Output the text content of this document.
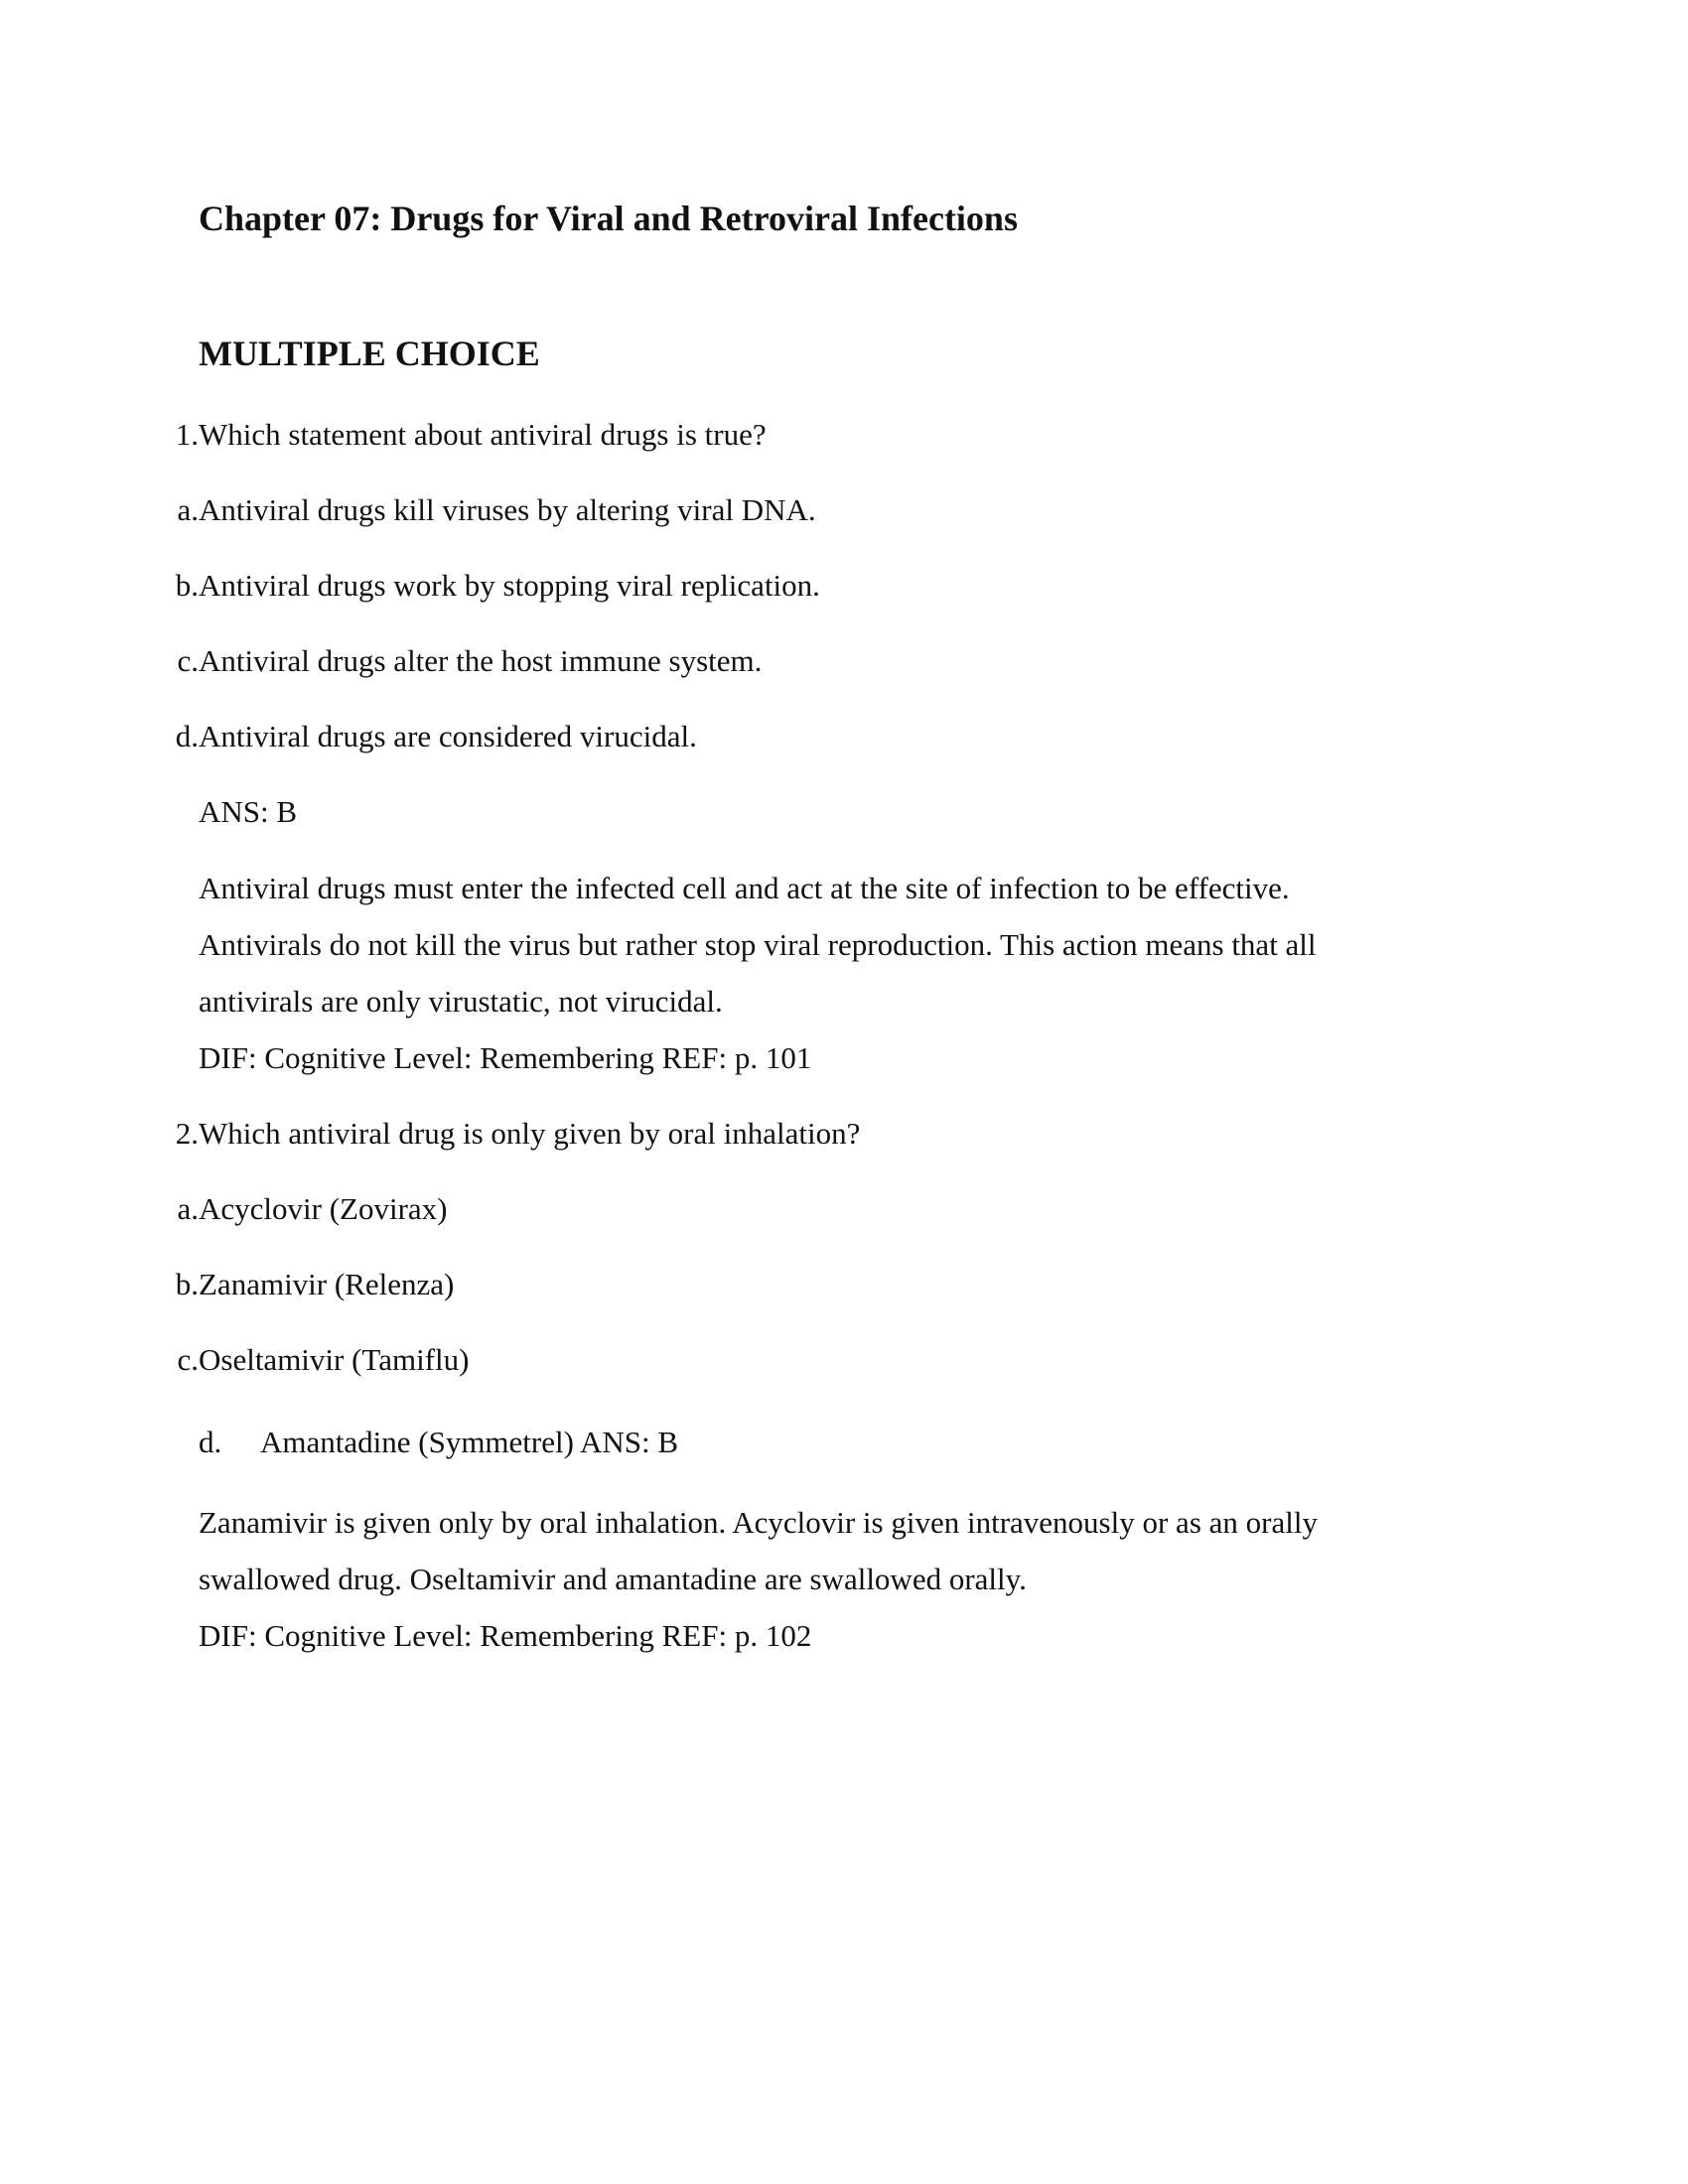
Chapter 07: Drugs for Viral and Retroviral Infections
MULTIPLE CHOICE
1. Which statement about antiviral drugs is true?
a. Antiviral drugs kill viruses by altering viral DNA.
b. Antiviral drugs work by stopping viral replication.
c. Antiviral drugs alter the host immune system.
d. Antiviral drugs are considered virucidal.
ANS: B
Antiviral drugs must enter the infected cell and act at the site of infection to be effective.
Antivirals do not kill the virus but rather stop viral reproduction. This action means that all
antivirals are only virustatic, not virucidal.
DIF: Cognitive Level: Remembering REF: p. 101
2. Which antiviral drug is only given by oral inhalation?
a. Acyclovir (Zovirax)
b. Zanamivir (Relenza)
c. Oseltamivir (Tamiflu)
d. Amantadine (Symmetrel) ANS: B
Zanamivir is given only by oral inhalation. Acyclovir is given intravenously or as an orally
swallowed drug. Oseltamivir and amantadine are swallowed orally.
DIF: Cognitive Level: Remembering REF: p. 102
